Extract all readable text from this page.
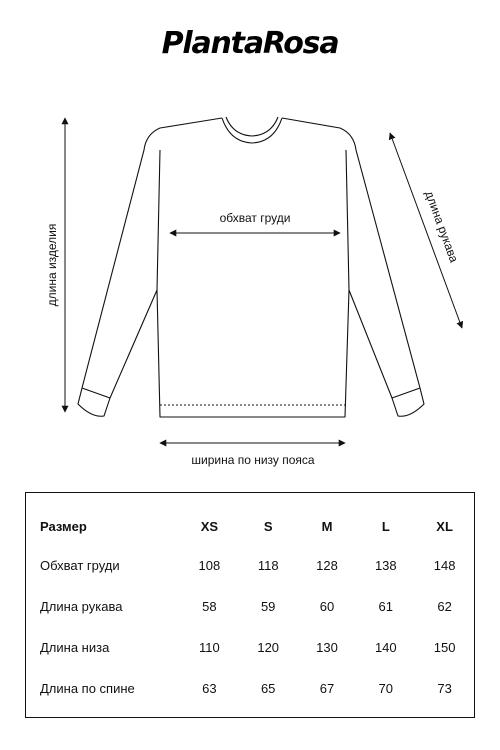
PlantaRosa
обхват груди
длина изделия	длина рукава
ширина по низу пояса
Размер	XS	S	M	L	XL
Обхват груди	108	118	128	138	148
Длина рукава	58	59	60	61	62
Длина низа	110	120	130	140	150
Длина по спине	63	65	67	70	73
